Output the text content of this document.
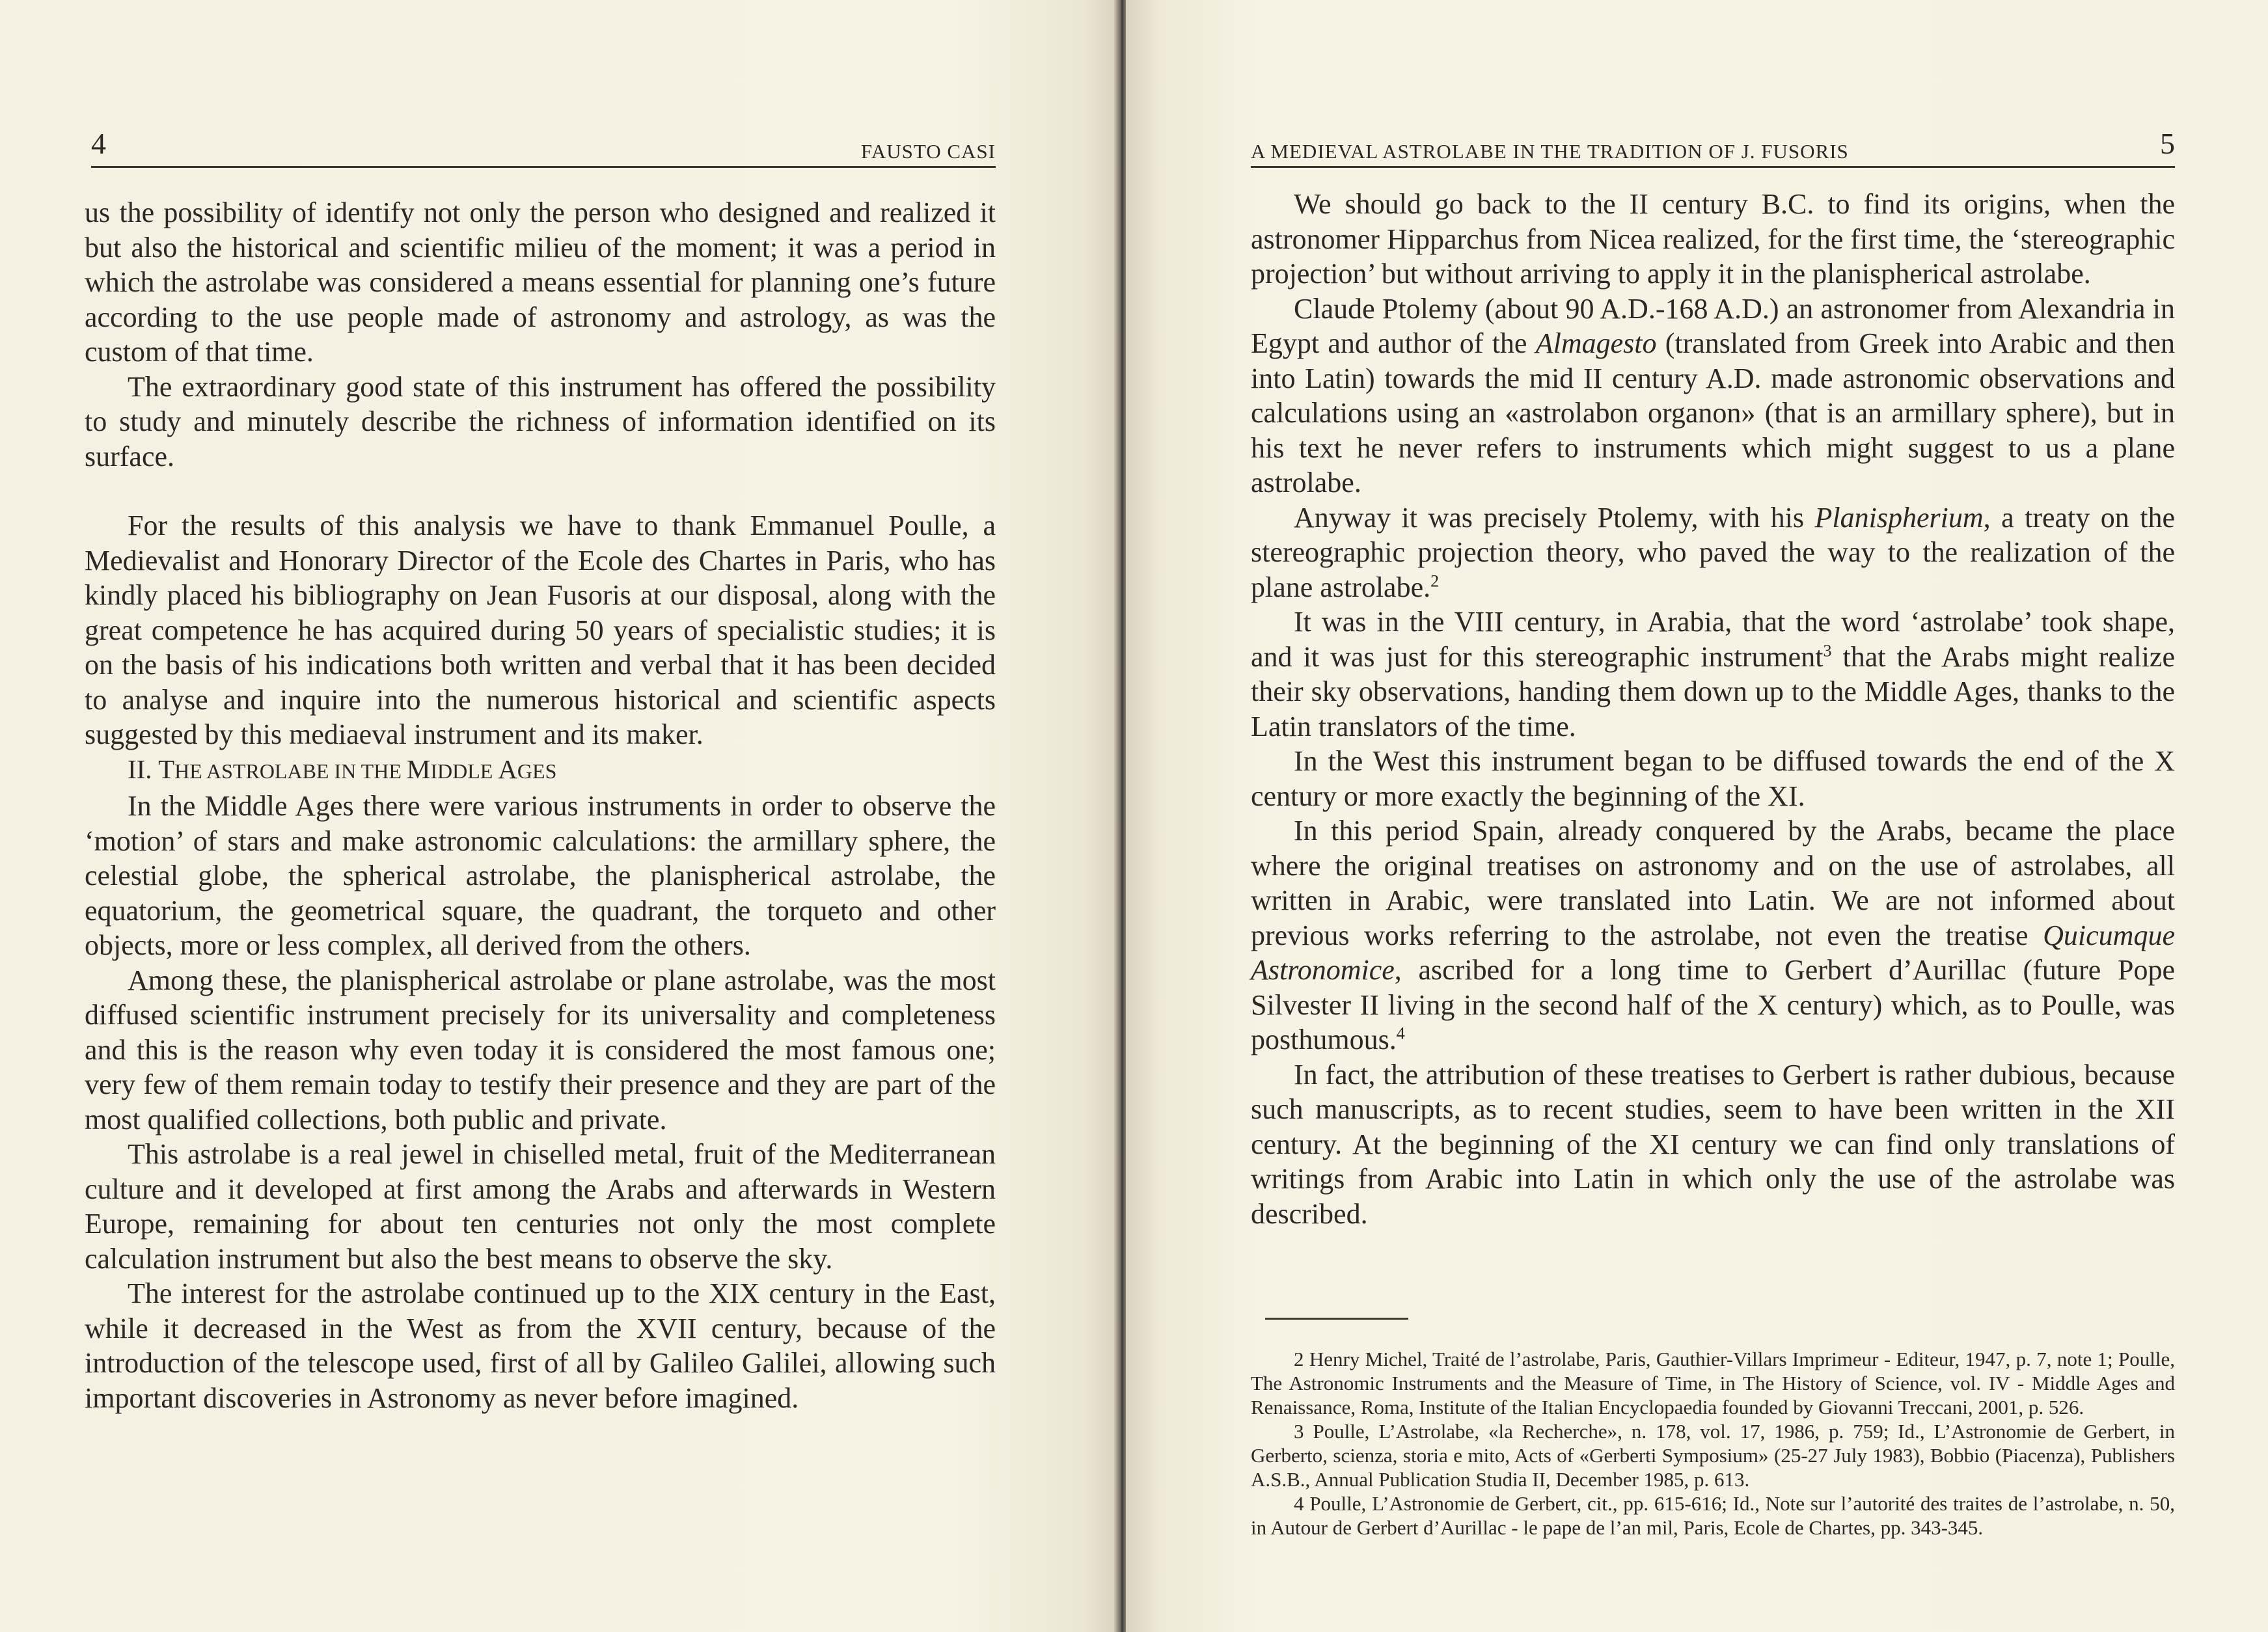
4	FAUSTO CASI

us the possibility of identify not only the person who designed and realized it but also the historical and scientific milieu of the moment; it was a period in which the astrolabe was considered a means essential for planning one’s future according to the use people made of astronomy and astrology, as was the custom of that time.

The extraordinary good state of this instrument has offered the possibility to study and minutely describe the richness of information identified on its surface.

For the results of this analysis we have to thank Emmanuel Poulle, a Medievalist and Honorary Director of the Ecole des Chartes in Paris, who has kindly placed his bibliography on Jean Fusoris at our disposal, along with the great competence he has acquired during 50 years of specialistic studies; it is on the basis of his indications both written and verbal that it has been decided to analyse and inquire into the numerous historical and scientific aspects suggested by this mediaeval instrument and its maker.

II. THE ASTROLABE IN THE MIDDLE AGES

In the Middle Ages there were various instruments in order to observe the ‘motion’ of stars and make astronomic calculations: the armillary sphere, the celestial globe, the spherical astrolabe, the planispherical astrolabe, the equatorium, the geometrical square, the quadrant, the torqueto and other objects, more or less complex, all derived from the others.

Among these, the planispherical astrolabe or plane astrolabe, was the most diffused scientific instrument precisely for its universality and completeness and this is the reason why even today it is considered the most famous one; very few of them remain today to testify their presence and they are part of the most qualified collections, both public and private.

This astrolabe is a real jewel in chiselled metal, fruit of the Mediterranean culture and it developed at first among the Arabs and afterwards in Western Europe, remaining for about ten centuries not only the most complete calculation instrument but also the best means to observe the sky.

The interest for the astrolabe continued up to the XIX century in the East, while it decreased in the West as from the XVII century, because of the introduction of the telescope used, first of all by Galileo Galilei, allowing such important discoveries in Astronomy as never before imagined.

A MEDIEVAL ASTROLABE IN THE TRADITION OF J. FUSORIS	5

We should go back to the II century B.C. to find its origins, when the astronomer Hipparchus from Nicea realized, for the first time, the ‘stereographic projection’ but without arriving to apply it in the planispherical astrolabe.

Claude Ptolemy (about 90 A.D.-168 A.D.) an astronomer from Alexandria in Egypt and author of the Almagesto (translated from Greek into Arabic and then into Latin) towards the mid II century A.D. made astronomic observations and calculations using an «astrolabon organon» (that is an armillary sphere), but in his text he never refers to instruments which might suggest to us a plane astrolabe.

Anyway it was precisely Ptolemy, with his Planispherium, a treaty on the stereographic projection theory, who paved the way to the realization of the plane astrolabe.$^2$

It was in the VIII century, in Arabia, that the word ‘astrolabe’ took shape, and it was just for this stereographic instrument$^3$ that the Arabs might realize their sky observations, handing them down up to the Middle Ages, thanks to the Latin translators of the time.

In the West this instrument began to be diffused towards the end of the X century or more exactly the beginning of the XI.

In this period Spain, already conquered by the Arabs, became the place where the original treatises on astronomy and on the use of astrolabes, all written in Arabic, were translated into Latin. We are not informed about previous works referring to the astrolabe, not even the treatise Quicumque Astronomice, ascribed for a long time to Gerbert d’Aurillac (future Pope Silvester II living in the second half of the X century) which, as to Poulle, was posthumous.$^4$

In fact, the attribution of these treatises to Gerbert is rather dubious, because such manuscripts, as to recent studies, seem to have been written in the XII century. At the beginning of the XI century we can find only translations of writings from Arabic into Latin in which only the use of the astrolabe was described.

2 Henry Michel, Traité de l’astrolabe, Paris, Gauthier-Villars Imprimeur - Editeur, 1947, p. 7, note 1; Poulle, The Astronomic Instruments and the Measure of Time, in The History of Science, vol. IV - Middle Ages and Renaissance, Roma, Institute of the Italian Encyclopaedia founded by Giovanni Treccani, 2001, p. 526.

3 Poulle, L’Astrolabe, «la Recherche», n. 178, vol. 17, 1986, p. 759; Id., L’Astronomie de Gerbert, in Gerberto, scienza, storia e mito, Acts of «Gerberti Symposium» (25-27 July 1983), Bobbio (Piacenza), Publishers A.S.B., Annual Publication Studia II, December 1985, p. 613.

4 Poulle, L’Astronomie de Gerbert, cit., pp. 615-616; Id., Note sur l’autorité des traites de l’astrolabe, n. 50, in Autour de Gerbert d’Aurillac - le pape de l’an mil, Paris, Ecole de Chartes, pp. 343-345.
